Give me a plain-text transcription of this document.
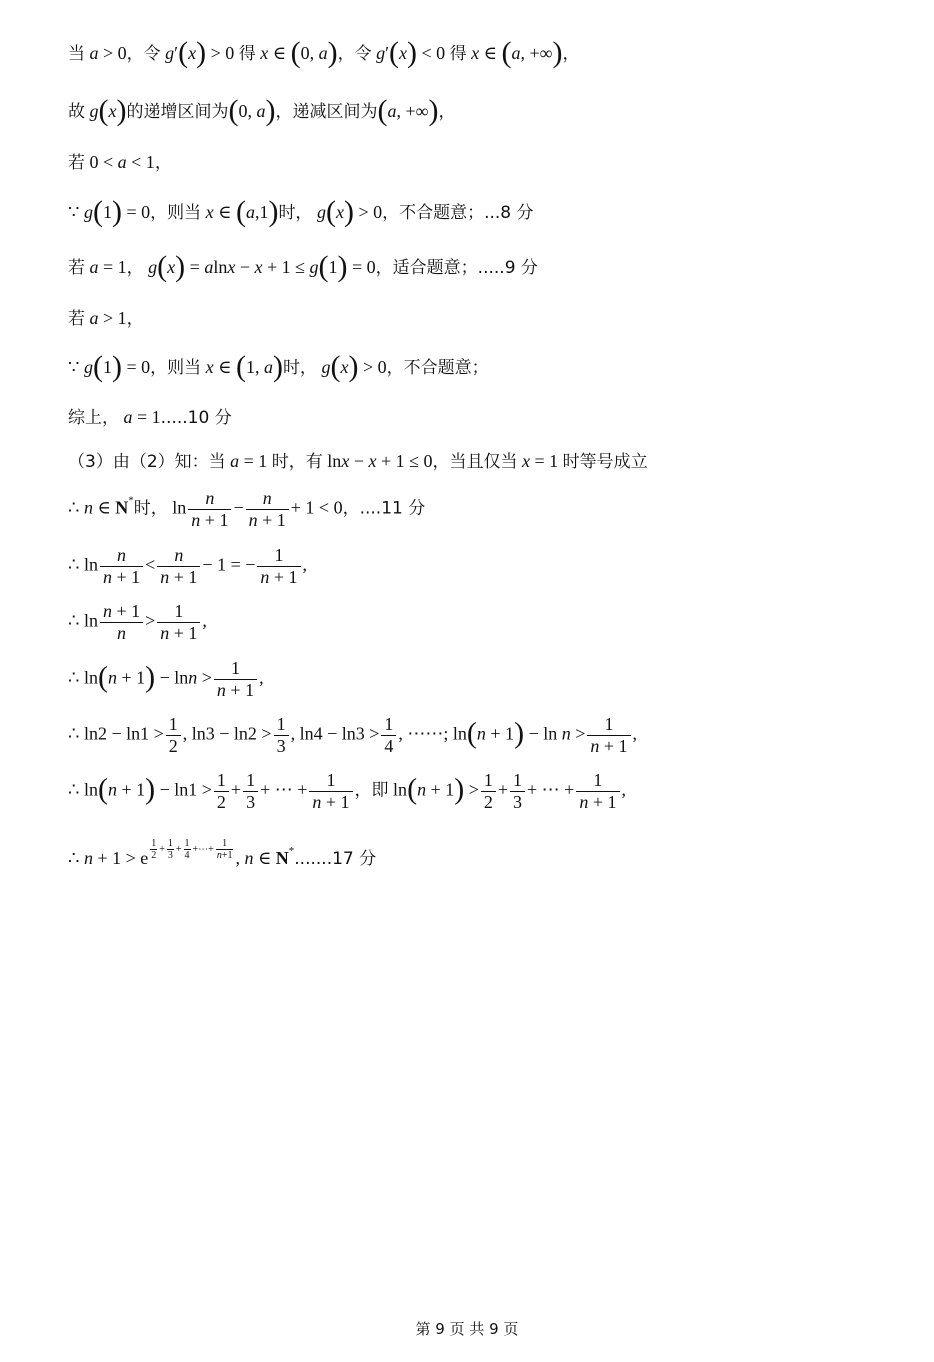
当 a > 0，令 g′(x) > 0 得 x ∈ (0, a)，令 g′(x) < 0 得 x ∈ (a, +∞)，
故 g(x)的递增区间为(0, a)，递减区间为(a, +∞)，
若 0 < a < 1，
∵ g(1) = 0，则当 x ∈ (a,1)时， g(x) > 0，不合题意；...8 分
若 a = 1， g(x) = alnx − x + 1 ≤ g(1) = 0，适合题意；.....9 分
若 a > 1，
∵ g(1) = 0，则当 x ∈ (1, a)时， g(x) > 0，不合题意；
综上， a = 1.....10 分
（3）由（2）知：当 a = 1 时，有 lnx − x + 1 ≤ 0，当且仅当 x = 1 时等号成立
∴ n ∈ N*时， $\ln \frac{n}{n + 1} - \frac{n}{n + 1} + 1 < 0$，....11 分
∴ $\ln \frac{n}{n + 1} < \frac{n}{n + 1} - 1$ = − $\frac{1}{n + 1}$ ,
∴ $\ln \frac{n + 1}{n} > \frac{1}{n + 1}$ ,
∴ $\ln(n + 1) - \ln n > \frac{1}{n + 1}$ ,
∴ $\ln 2 - \ln 1 > \frac{1}{2}$ , $\ln 3 - \ln 2 > \frac{1}{3}$ , $\ln 4 - \ln 3 > \frac{1}{4}$ , ⋯⋯; $\ln(n + 1) - \ln n > \frac{1}{n + 1}$ ,
∴ $\ln(n + 1) - \ln 1 > \frac{1}{2} + \frac{1}{3}$ + ⋯ + $\frac{1}{n + 1}$ ，即 $\ln(n + 1) > \frac{1}{2} + \frac{1}{3}$ + ⋯ + $\frac{1}{n + 1}$ ,
∴ n + 1 > e $\frac{1}{2} + \frac{1}{3} + \frac{1}{4}$ +⋯+ $\frac{1}{n+1}$ , n ∈ N*.......17 分
第 9 页 共 9 页
